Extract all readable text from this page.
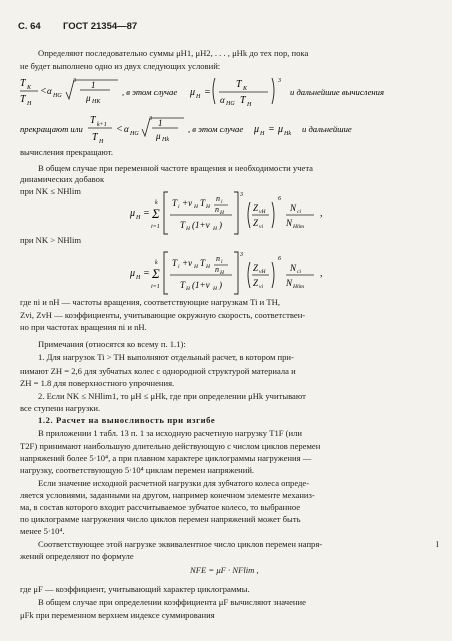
С. 64 ГОСТ 21354—87
Определяют последовательно суммы μH1, μH2, . . . , μHk до тех пор, пока
не будет выполнено одно из двух следующих условий:
T K
T H
< α HG
3 1
μ HK
, в этом случае μ H =
T K
α HG T H
3
и дальнейшие вычисления
прекращают или
T k+1
T H
< α HG
3 1
μ Hk
, в этом случае μ H = μ Hk и дальнейшие
вычисления прекращают.
В общем случае при переменной частоте вращения и необходимости учета
динамических добавок
при NK ≤ NHlim
μ H =
k
Σ
i=1
T i +ν H T H
n i
n H
T H (1+ν H )
3
Z vH
Z vi
6
N ci
N Hlim
,
при NK > NHlim
μ H =
k
Σ
i=1
T i +ν H T H
n i
n H
T H (1+ν H )
3
Z vH
Z vi
6
N ci
N Hlim
,
где ni и nH — частоты вращения, соответствующие нагрузкам Ti и TH,
Zvi, ZvH — коэффициенты, учитывающие окружную скорость, соответствен-
но при частотах вращения ni и nH.
Примечания (относятся ко всему п. 1.1):
1. Для нагрузок Ti > TH выполняют отдельный расчет, в котором при-
нимают ZH = 2,6 для зубчатых колес с однородной структурой материала и
ZH = 1.8 для поверхностного упрочнения.
2. Если NK ≤ NHlim1, то μH ≤ μHk, где при определении μHk учитывают
все ступени нагрузки.
1.2. Расчет на выносливость при изгибе
В приложении 1 табл. 13 п. 1 за исходную расчетную нагрузку T1F (или
T2F) принимают наибольшую длительно действующую с числом циклов перемен
напряжений более 5·10⁴, а при плавном характере циклограммы нагружения —
нагрузку, соответствующую 5·10⁴ циклам перемен напряжений.
Если значение исходной расчетной нагрузки для зубчатого колеса опреде-
ляется условиями, заданными на другом, например конечном элементе механиз-
ма, в состав которого входит рассчитываемое зубчатое колесо, то выбранное
по циклограмме нагружения число циклов перемен напряжений может быть
менее 5·10⁴.
Соответствующее этой нагрузке эквивалентное число циклов перемен напря-
жений определяют по формуле
NFE = μF · NFlim ,
где μF — коэффициент, учитывающий характер циклограммы.
В общем случае при определении коэффициента μF вычисляют значение
μFk при переменном верхнем индексе суммирования
I
